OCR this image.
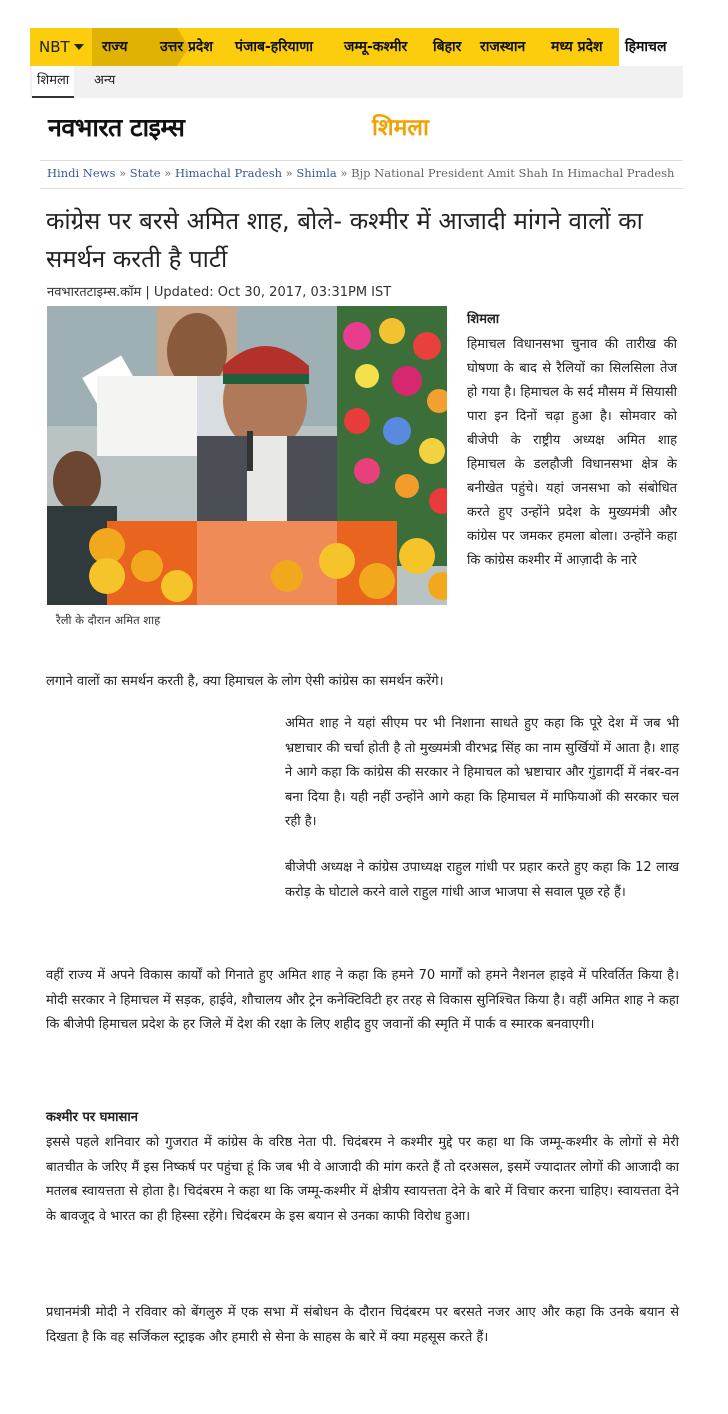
NBT	राज्य	उत्तर प्रदेश पंजाब-हरियाणा जम्मू-कश्मीर बिहार राजस्थान मध्य प्रदेश	हिमाचल
शिमला	अन्य
नवभारत टाइम्स	शिमला
Hindi News » State » Himachal Pradesh » Shimla » Bjp National President Amit Shah In Himachal Pradesh
कांग्रेस पर बरसे अमित शाह, बोले- कश्मीर में आजादी मांगने वालों का समर्थन करती है पार्टी
नवभारतटाइम्स.कॉम | Updated: Oct 30, 2017, 03:31PM IST
रैली के दौरान अमित शाह
शिमला
हिमाचल विधानसभा चुनाव की तारीख की घोषणा के बाद से रैलियों का सिलसिला तेज हो गया है। हिमाचल के सर्द मौसम में सियासी पारा इन दिनों चढ़ा हुआ है। सोमवार को बीजेपी के राष्ट्रीय अध्यक्ष अमित शाह हिमाचल के डलहौजी विधानसभा क्षेत्र के बनीखेत पहुंचे। यहां जनसभा को संबोधित करते हुए उन्होंने प्रदेश के मुख्यमंत्री और कांग्रेस पर जमकर हमला बोला। उन्होंने कहा कि कांग्रेस कश्मीर में आज़ादी के नारे
लगाने वालों का समर्थन करती है, क्या हिमाचल के लोग ऐसी कांग्रेस का समर्थन करेंगे।
अमित शाह ने यहां सीएम पर भी निशाना साधते हुए कहा कि पूरे देश में जब भी भ्रष्टाचार की चर्चा होती है तो मुख्यमंत्री वीरभद्र सिंह का नाम सुर्खियों में आता है। शाह ने आगे कहा कि कांग्रेस की सरकार ने हिमाचल को भ्रष्टाचार और गुंडागर्दी में नंबर-वन बना दिया है। यही नहीं उन्होंने आगे कहा कि हिमाचल में माफियाओं की सरकार चल रही है।
बीजेपी अध्यक्ष ने कांग्रेस उपाध्यक्ष राहुल गांधी पर प्रहार करते हुए कहा कि 12 लाख करोड़ के घोटाले करने वाले राहुल गांधी आज भाजपा से सवाल पूछ रहे हैं।
वहीं राज्य में अपने विकास कार्यों को गिनाते हुए अमित शाह ने कहा कि हमने 70 मार्गों को हमने नैशनल हाइवे में परिवर्तित किया है। मोदी सरकार ने हिमाचल में सड़क, हाईवे, शौचालय और ट्रेन कनेक्टिविटी हर तरह से विकास सुनिश्चित किया है। वहीं अमित शाह ने कहा कि बीजेपी हिमाचल प्रदेश के हर जिले में देश की रक्षा के लिए शहीद हुए जवानों की स्मृति में पार्क व स्मारक बनवाएगी।
कश्मीर पर घमासान
इससे पहले शनिवार को गुजरात में कांग्रेस के वरिष्ठ नेता पी. चिदंबरम ने कश्मीर मुद्दे पर कहा था कि जम्मू-कश्मीर के लोगों से मेरी बातचीत के जरिए मैं इस निष्कर्ष पर पहुंचा हूं कि जब भी वे आजादी की मांग करते हैं तो दरअसल, इसमें ज्यादातर लोगों की आजादी का मतलब स्वायत्तता से होता है। चिदंबरम ने कहा था कि जम्मू-कश्मीर में क्षेत्रीय स्वायत्तता देने के बारे में विचार करना चाहिए। स्वायत्तता देने के बावजूद वे भारत का ही हिस्सा रहेंगे। चिदंबरम के इस बयान से उनका काफी विरोध हुआ।
प्रधानमंत्री मोदी ने रविवार को बेंगलुरु में एक सभा में संबोधन के दौरान चिदंबरम पर बरसते नजर आए और कहा कि उनके बयान से दिखता है कि वह सर्जिकल स्ट्राइक और हमारी से सेना के साहस के बारे में क्या महसूस करते हैं।
